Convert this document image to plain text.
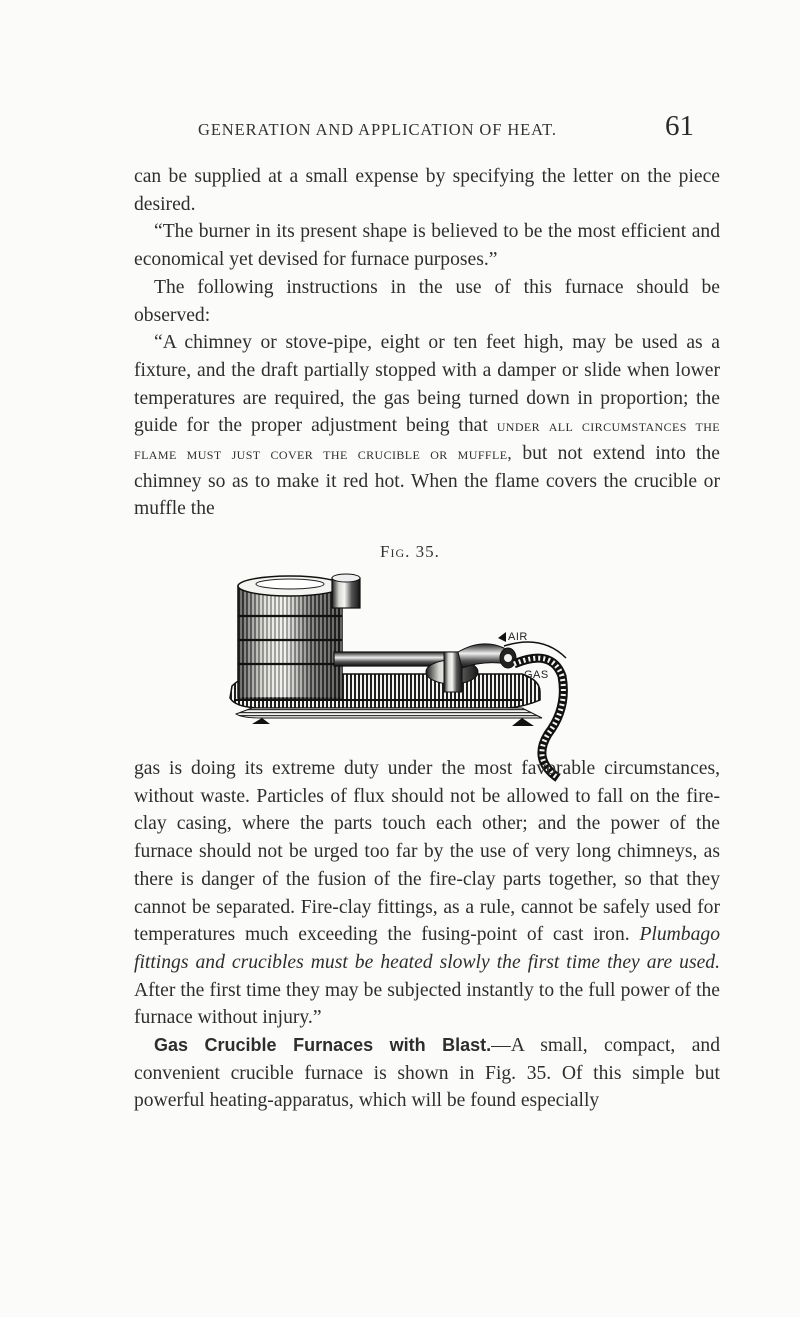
GENERATION AND APPLICATION OF HEAT.	61

can be supplied at a small expense by specifying the letter on the piece desired.

“The burner in its present shape is believed to be the most efficient and economical yet devised for furnace purposes.”

The following instructions in the use of this furnace should be observed:

“A chimney or stove-pipe, eight or ten feet high, may be used as a fixture, and the draft partially stopped with a damper or slide when lower temperatures are required, the gas being turned down in proportion; the guide for the proper adjustment being that under all circumstances the flame must just cover the crucible or muffle, but not extend into the chimney so as to make it red hot. When the flame covers the crucible or muffle the

Fig. 35.
AIR
GAS

gas is doing its extreme duty under the most favorable circumstances, without waste. Particles of flux should not be allowed to fall on the fire-clay casing, where the parts touch each other; and the power of the furnace should not be urged too far by the use of very long chimneys, as there is danger of the fusion of the fire-clay parts together, so that they cannot be separated. Fire-clay fittings, as a rule, cannot be safely used for temperatures much exceeding the fusing-point of cast iron. Plumbago fittings and crucibles must be heated slowly the first time they are used. After the first time they may be subjected instantly to the full power of the furnace without injury.”

Gas Crucible Furnaces with Blast.—A small, compact, and convenient crucible furnace is shown in Fig. 35. Of this simple but powerful heating-apparatus, which will be found especially
